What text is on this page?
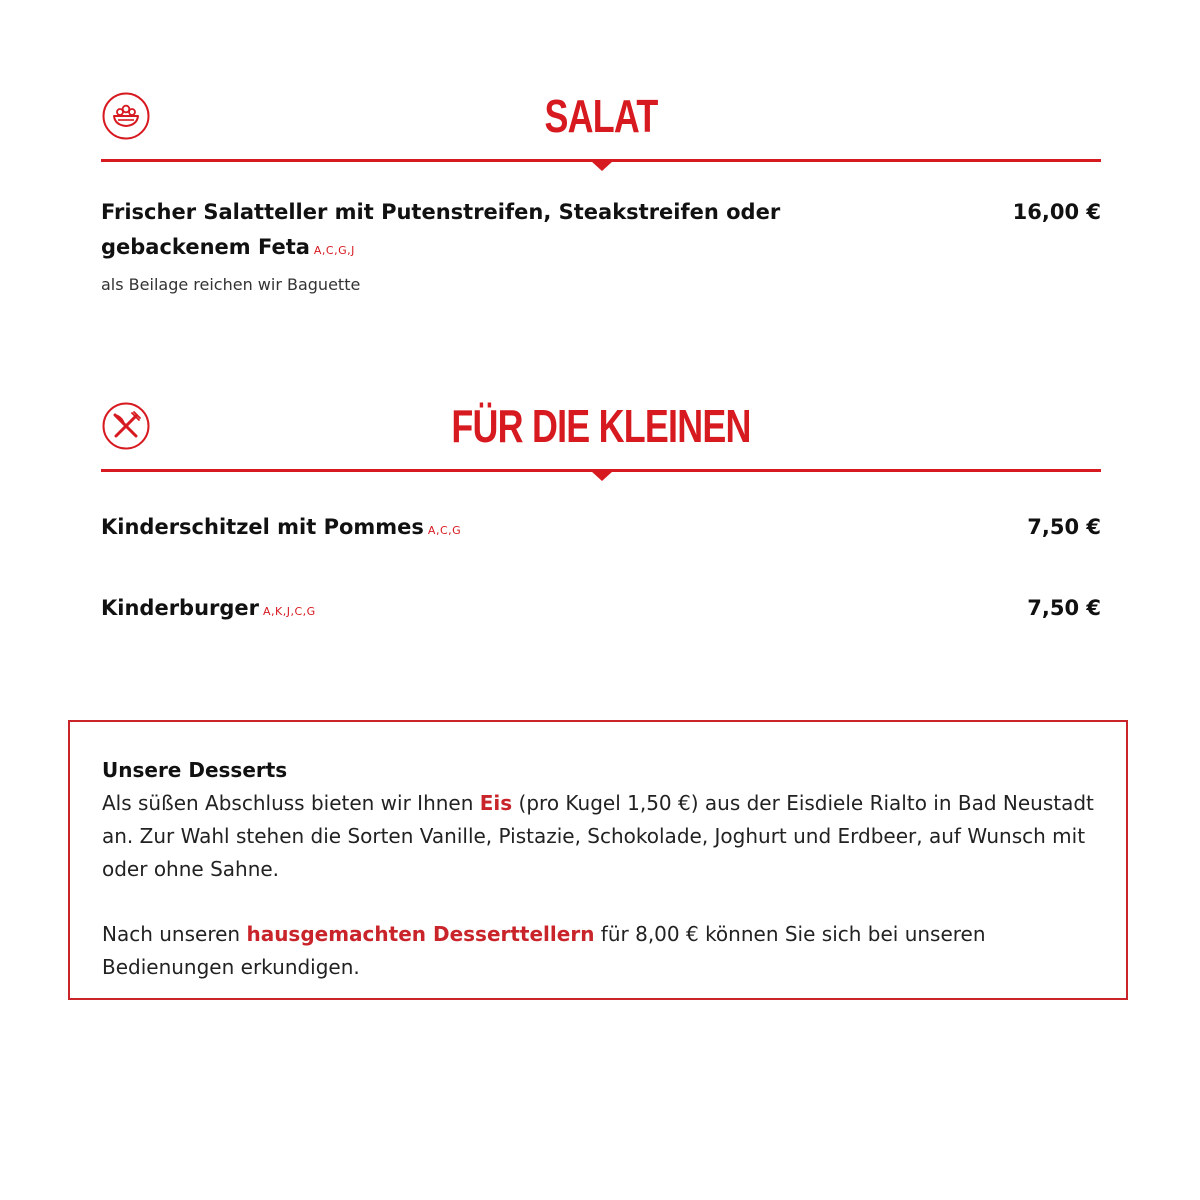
SALAT
Frischer Salatteller mit Putenstreifen, Steakstreifen oder gebackenem Feta A,C,G,J
16,00 €
als Beilage reichen wir Baguette
FÜR DIE KLEINEN
Kinderschitzel mit Pommes A,C,G	7,50 €
Kinderburger A,K,J,C,G	7,50 €
Unsere Desserts
Als süßen Abschluss bieten wir Ihnen Eis (pro Kugel 1,50 €) aus der Eisdiele Rialto in Bad Neustadt an. Zur Wahl stehen die Sorten Vanille, Pistazie, Schokolade, Joghurt und Erdbeer, auf Wunsch mit oder ohne Sahne.
Nach unseren hausgemachten Desserttellern für 8,00 € können Sie sich bei unseren Bedienungen erkundigen.
